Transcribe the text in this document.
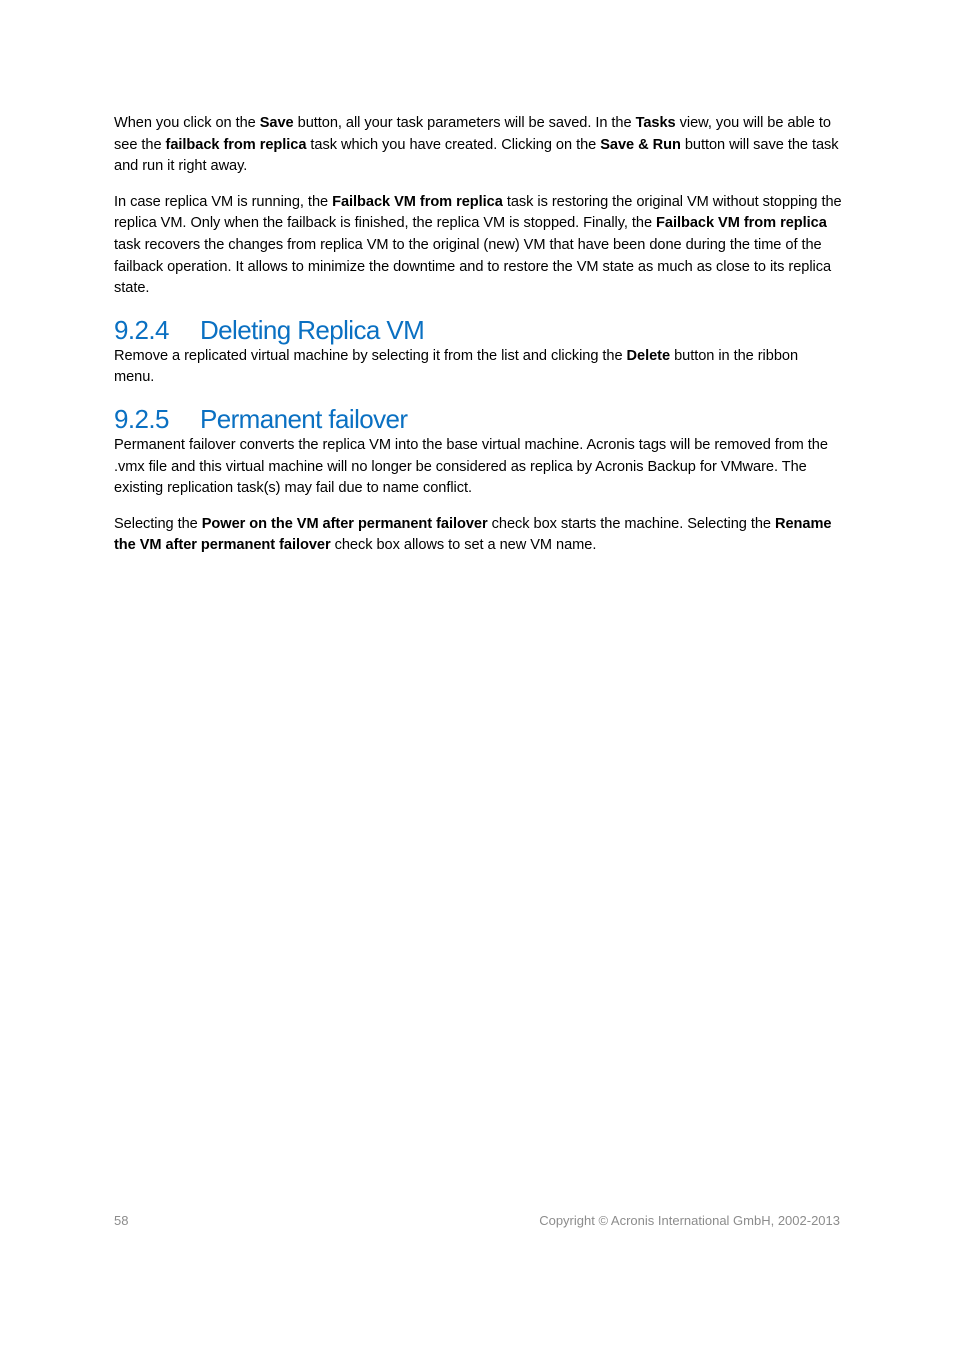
When you click on the Save button, all your task parameters will be saved. In the Tasks view, you will be able to see the failback from replica task which you have created. Clicking on the Save & Run button will save the task and run it right away.

In case replica VM is running, the Failback VM from replica task is restoring the original VM without stopping the replica VM. Only when the failback is finished, the replica VM is stopped. Finally, the Failback VM from replica task recovers the changes from replica VM to the original (new) VM that have been done during the time of the failback operation. It allows to minimize the downtime and to restore the VM state as much as close to its replica state.

9.2.4	Deleting Replica VM

Remove a replicated virtual machine by selecting it from the list and clicking the Delete button in the ribbon menu.

9.2.5	Permanent failover

Permanent failover converts the replica VM into the base virtual machine. Acronis tags will be removed from the .vmx file and this virtual machine will no longer be considered as replica by Acronis Backup for VMware. The existing replication task(s) may fail due to name conflict.

Selecting the Power on the VM after permanent failover check box starts the machine. Selecting the Rename the VM after permanent failover check box allows to set a new VM name.

58	Copyright © Acronis International GmbH, 2002-2013
